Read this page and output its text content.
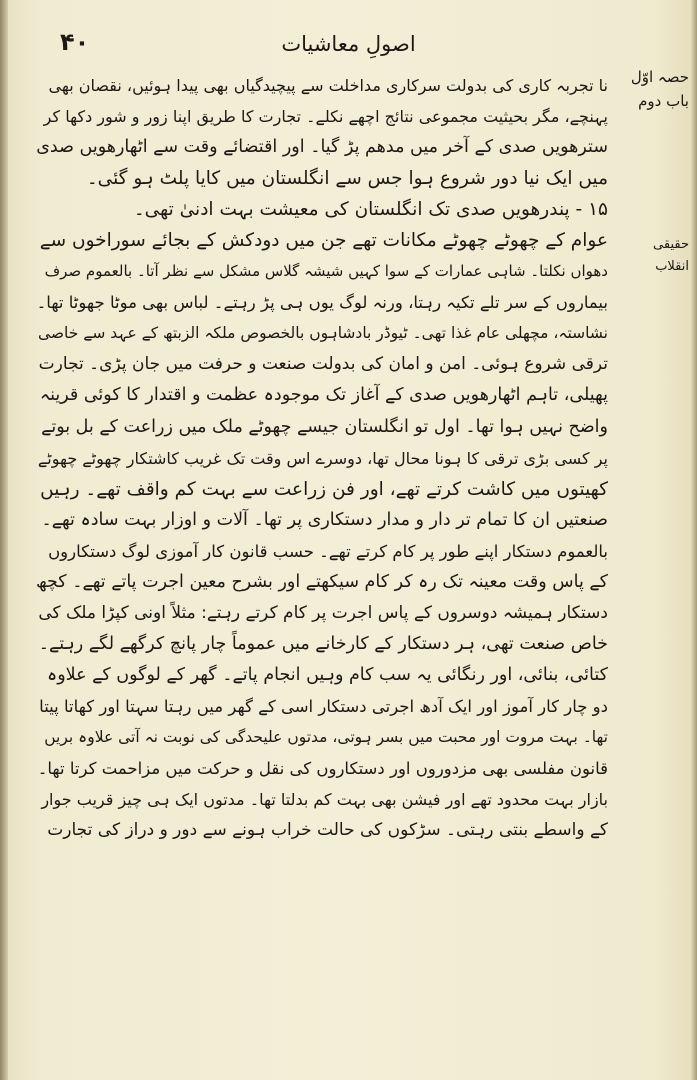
۴۰	اصولِ معاشیات
حصہ اوّل
باب دوم
حقیقی انقلاب
نا تجربہ کاری کی بدولت سرکاری مداخلت سے پیچیدگیاں بھی پیدا ہوئیں، نقصان بھی
پہنچے، مگر بحیثیت مجموعی نتائج اچھے نکلے۔ تجارت کا طریق اپنا زور و شور دکھا کر
سترھویں صدی کے آخر میں مدھم پڑ گیا۔ اور اقتضائے وقت سے اٹھارھویں صدی
میں ایک نیا دور شروع ہوا جس سے انگلستان میں کایا پلٹ ہو گئی۔
۱۵ - پندرھویں صدی تک انگلستان کی معیشت بہت ادنیٰ تھی۔
عوام کے چھوٹے چھوٹے مکانات تھے جن میں دودکش کے بجائے سوراخوں سے
دھواں نکلتا۔ شاہی عمارات کے سوا کہیں شیشہ گلاس مشکل سے نظر آتا۔ بالعموم صرف
بیماروں کے سر تلے تکیہ رہتا، ورنہ لوگ یوں ہی پڑ رہتے۔ لباس بھی موٹا جھوٹا تھا۔
نشاستہ، مچھلی عام غذا تھی۔ ٹیوڈر بادشاہوں بالخصوص ملکہ الزبتھ کے عہد سے خاصی
ترقی شروع ہوئی۔ امن و امان کی بدولت صنعت و حرفت میں جان پڑی۔ تجارت
پھیلی، تاہم اٹھارھویں صدی کے آغاز تک موجودہ عظمت و اقتدار کا کوئی قرینہ
واضح نہیں ہوا تھا۔ اول تو انگلستان جیسے چھوٹے ملک میں زراعت کے بل بوتے
پر کسی بڑی ترقی کا ہونا محال تھا، دوسرے اس وقت تک غریب کاشتکار چھوٹے چھوٹے
کھیتوں میں کاشت کرتے تھے، اور فن زراعت سے بہت کم واقف تھے۔ رہیں
صنعتیں ان کا تمام تر دار و مدار دستکاری پر تھا۔ آلات و اوزار بہت سادہ تھے۔
بالعموم دستکار اپنے طور پر کام کرتے تھے۔ حسب قانون کار آموزی لوگ دستکاروں
کے پاس وقت معینہ تک رہ کر کام سیکھتے اور بشرح معین اجرت پاتے تھے۔ کچھ
دستکار ہمیشہ دوسروں کے پاس اجرت پر کام کرتے رہتے: مثلاً اونی کپڑا ملک کی
خاص صنعت تھی، ہر دستکار کے کارخانے میں عموماً چار پانچ کرگھے لگے رہتے۔
کتائی، بنائی، اور رنگائی یہ سب کام وہیں انجام پاتے۔ گھر کے لوگوں کے علاوہ
دو چار کار آموز اور ایک آدھ اجرتی دستکار اسی کے گھر میں رہتا سہتا اور کھاتا پیتا
تھا۔ بہت مروت اور محبت میں بسر ہوتی، مدتوں علیحدگی کی نوبت نہ آتی علاوہ بریں
قانون مفلسی بھی مزدوروں اور دستکاروں کی نقل و حرکت میں مزاحمت کرتا تھا۔
بازار بہت محدود تھے اور فیشن بھی بہت کم بدلتا تھا۔ مدتوں ایک ہی چیز قریب جوار
کے واسطے بنتی رہتی۔ سڑکوں کی حالت خراب ہونے سے دور و دراز کی تجارت
